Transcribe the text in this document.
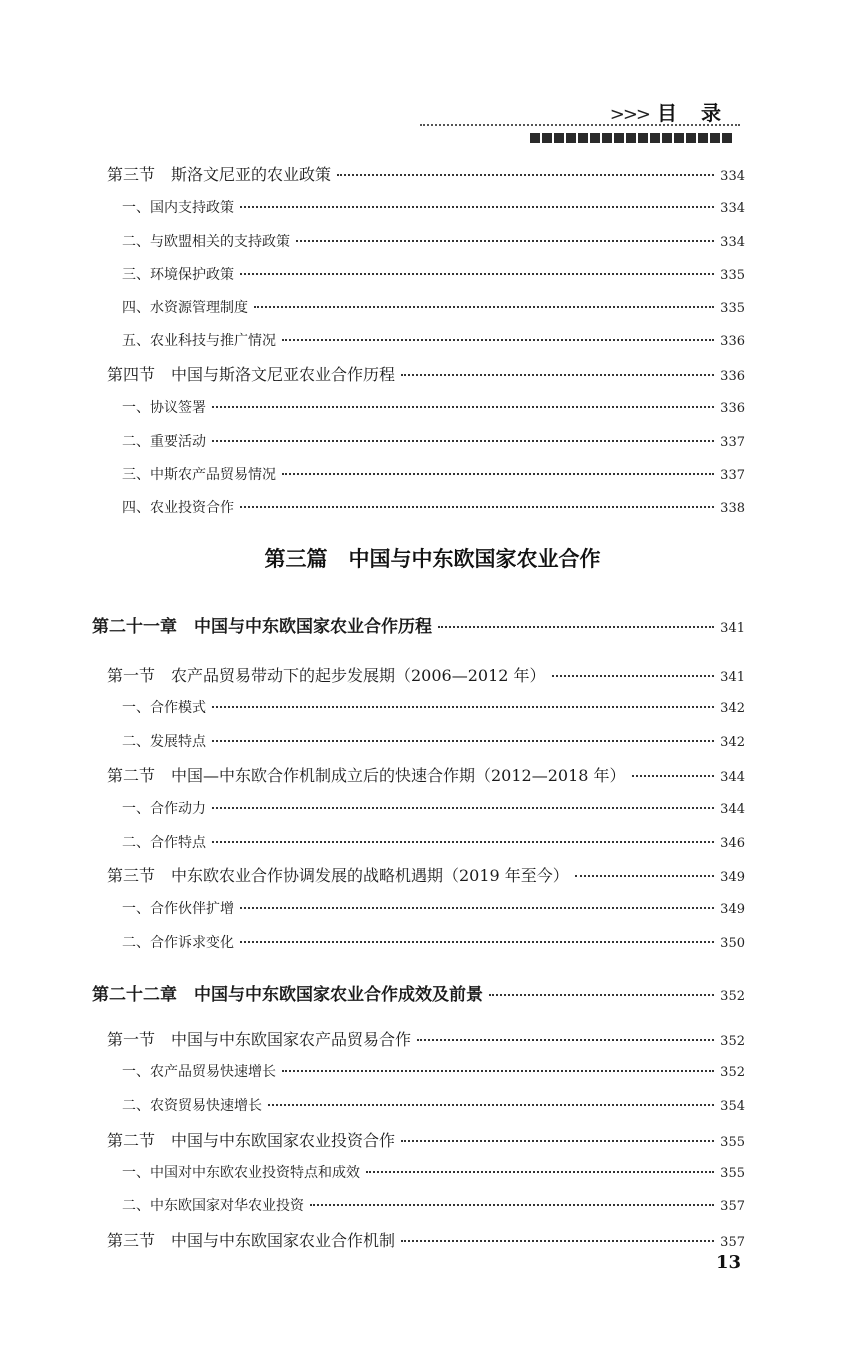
>>> 目录
第三节　斯洛文尼亚的农业政策	334
一、国内支持政策	334
二、与欧盟相关的支持政策	334
三、环境保护政策	335
四、水资源管理制度	335
五、农业科技与推广情况	336
第四节　中国与斯洛文尼亚农业合作历程	336
一、协议签署	336
二、重要活动	337
三、中斯农产品贸易情况	337
四、农业投资合作	338
第三篇　中国与中东欧国家农业合作
第二十一章　中国与中东欧国家农业合作历程	341
第一节　农产品贸易带动下的起步发展期（2006—2012 年）	341
一、合作模式	342
二、发展特点	342
第二节　中国—中东欧合作机制成立后的快速合作期（2012—2018 年）	344
一、合作动力	344
二、合作特点	346
第三节　中东欧农业合作协调发展的战略机遇期（2019 年至今）	349
一、合作伙伴扩增	349
二、合作诉求变化	350
第二十二章　中国与中东欧国家农业合作成效及前景	352
第一节　中国与中东欧国家农产品贸易合作	352
一、农产品贸易快速增长	352
二、农资贸易快速增长	354
第二节　中国与中东欧国家农业投资合作	355
一、中国对中东欧农业投资特点和成效	355
二、中东欧国家对华农业投资	357
第三节　中国与中东欧国家农业合作机制	357
13
